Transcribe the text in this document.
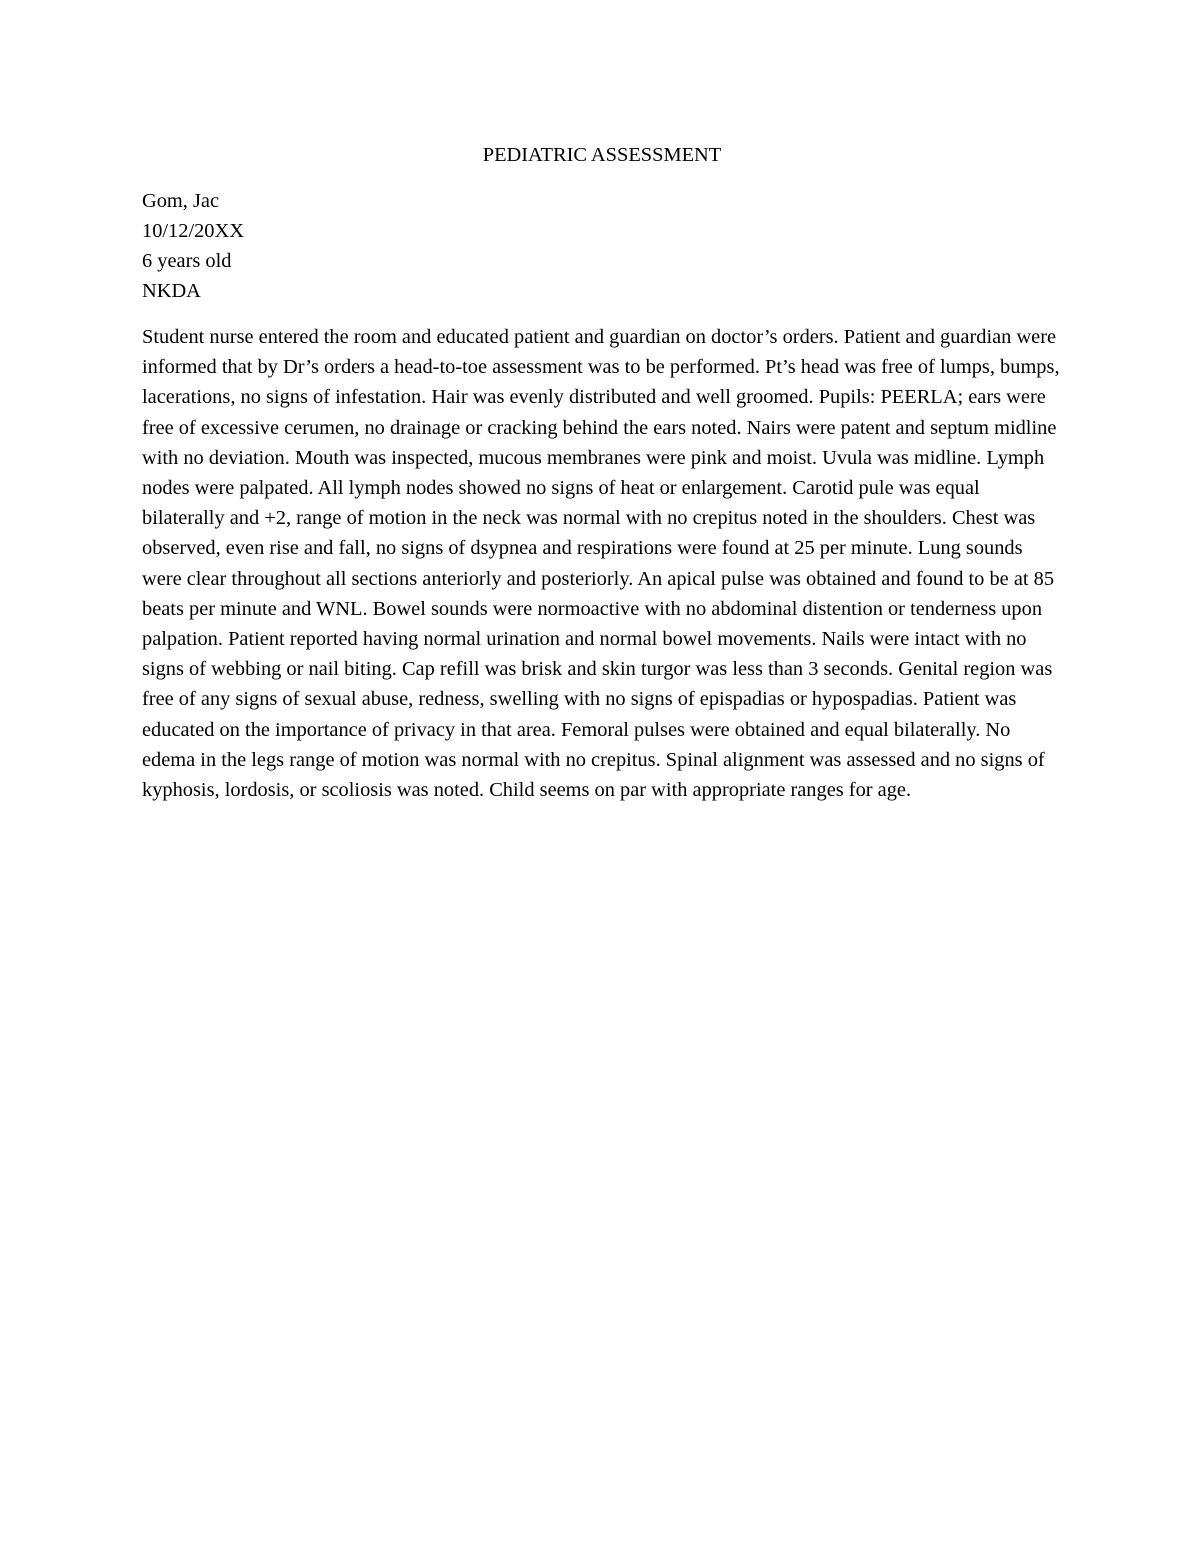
PEDIATRIC ASSESSMENT
Gom, Jac
10/12/20XX
6 years old
NKDA

Student nurse entered the room and educated patient and guardian on doctor’s orders. Patient and guardian were informed that by Dr’s orders a head-to-toe assessment was to be performed. Pt’s head was free of lumps, bumps, lacerations, no signs of infestation. Hair was evenly distributed and well groomed. Pupils: PEERLA; ears were free of excessive cerumen, no drainage or cracking behind the ears noted. Nairs were patent and septum midline with no deviation. Mouth was inspected, mucous membranes were pink and moist. Uvula was midline. Lymph nodes were palpated. All lymph nodes showed no signs of heat or enlargement. Carotid pule was equal bilaterally and +2, range of motion in the neck was normal with no crepitus noted in the shoulders. Chest was observed, even rise and fall, no signs of dsypnea and respirations were found at 25 per minute. Lung sounds were clear throughout all sections anteriorly and posteriorly. An apical pulse was obtained and found to be at 85 beats per minute and WNL. Bowel sounds were normoactive with no abdominal distention or tenderness upon palpation. Patient reported having normal urination and normal bowel movements. Nails were intact with no signs of webbing or nail biting. Cap refill was brisk and skin turgor was less than 3 seconds. Genital region was free of any signs of sexual abuse, redness, swelling with no signs of epispadias or hypospadias. Patient was educated on the importance of privacy in that area. Femoral pulses were obtained and equal bilaterally. No edema in the legs range of motion was normal with no crepitus. Spinal alignment was assessed and no signs of kyphosis, lordosis, or scoliosis was noted. Child seems on par with appropriate ranges for age.
